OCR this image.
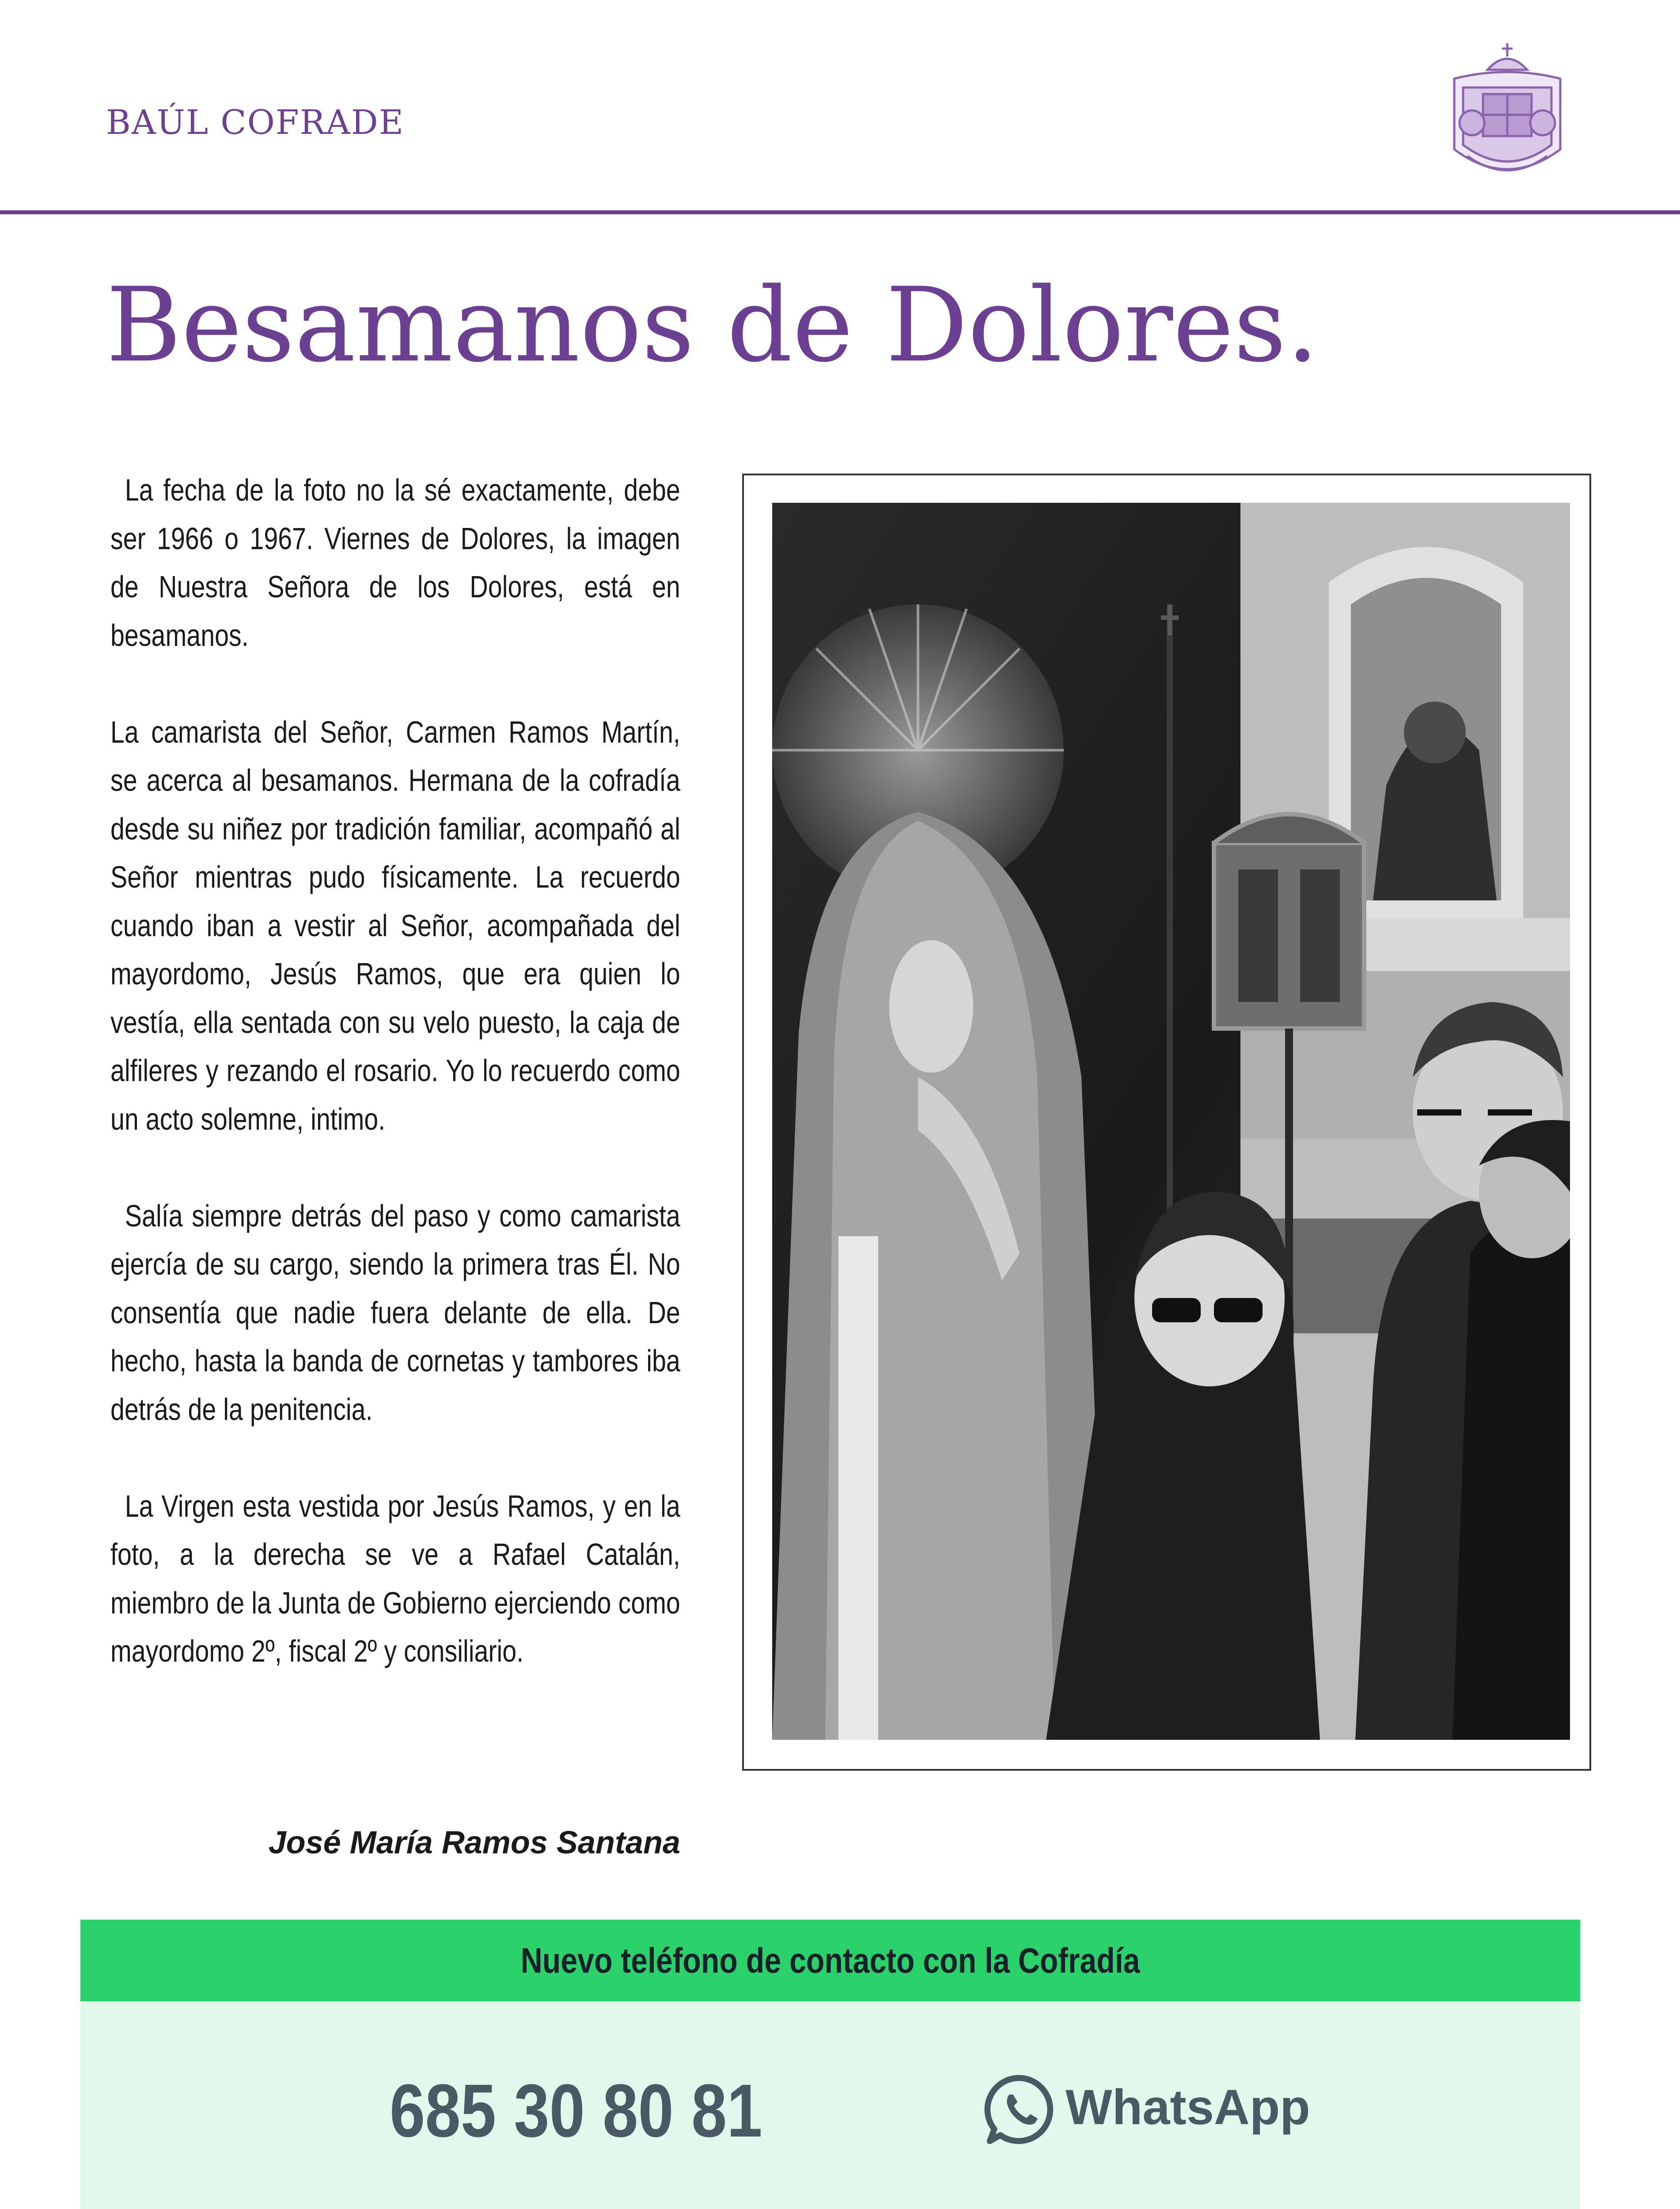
BAÚL COFRADE
Besamanos de Dolores.

La fecha de la foto no la sé exactamente, debe ser 1966 o 1967. Viernes de Dolores, la imagen de Nuestra Señora de los Dolores, está en besamanos.

La camarista del Señor, Carmen Ramos Martín, se acerca al besamanos. Hermana de la cofradía desde su niñez por tradición familiar, acompañó al Señor mientras pudo físicamente. La recuerdo cuando iban a vestir al Señor, acompañada del mayordomo, Jesús Ramos, que era quien lo vestía, ella sentada con su velo puesto, la caja de alfileres y rezando el rosario. Yo lo recuerdo como un acto solemne, intimo.

Salía siempre detrás del paso y como camarista ejercía de su cargo, siendo la primera tras Él. No consentía que nadie fuera delante de ella. De hecho, hasta la banda de cornetas y tambores iba detrás de la penitencia.

La Virgen esta vestida por Jesús Ramos, y en la foto, a la derecha se ve a Rafael Catalán, miembro de la Junta de Gobierno ejerciendo como mayordomo 2º, fiscal 2º y consiliario.

José María Ramos Santana
Nuevo teléfono de contacto con la Cofradía
685 30 80 81	WhatsApp
